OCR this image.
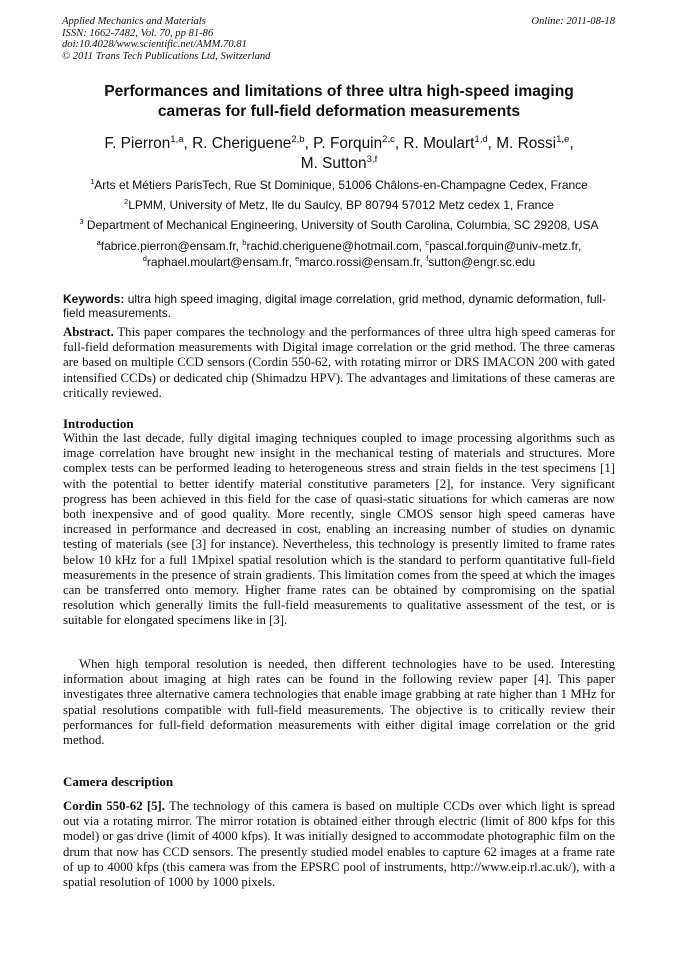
Applied Mechanics and Materials
ISSN: 1662-7482, Vol. 70, pp 81-86
doi:10.4028/www.scientific.net/AMM.70.81
© 2011 Trans Tech Publications Ltd, Switzerland
Online: 2011-08-18
Performances and limitations of three ultra high-speed imaging
cameras for full-field deformation measurements
F. Pierron$^{1,a}$, R. Cheriguene$^{2,b}$, P. Forquin$^{2,c}$, R. Moulart$^{1,d}$, M. Rossi$^{1,e}$,
M. Sutton$^{3,f}$
$^1$Arts et Métiers ParisTech, Rue St Dominique, 51006 Châlons-en-Champagne Cedex, France
$^2$LPMM, University of Metz, Ile du Saulcy, BP 80794 57012 Metz cedex 1, France
$^3$ Department of Mechanical Engineering, University of South Carolina, Columbia, SC 29208, USA
$^a$fabrice.pierron@ensam.fr, $^b$rachid.cheriguene@hotmail.com, $^c$pascal.forquin@univ-metz.fr,
$^d$raphael.moulart@ensam.fr, $^e$marco.rossi@ensam.fr, $^f$sutton@engr.sc.edu
Keywords: ultra high speed imaging, digital image correlation, grid method, dynamic deformation, full-field measurements.
Abstract. This paper compares the technology and the performances of three ultra high speed cameras for full-field deformation measurements with Digital image correlation or the grid method. The three cameras are based on multiple CCD sensors (Cordin 550-62, with rotating mirror or DRS IMACON 200 with gated intensified CCDs) or dedicated chip (Shimadzu HPV). The advantages and limitations of these cameras are critically reviewed.
Introduction
Within the last decade, fully digital imaging techniques coupled to image processing algorithms such as image correlation have brought new insight in the mechanical testing of materials and structures. More complex tests can be performed leading to heterogeneous stress and strain fields in the test specimens [1] with the potential to better identify material constitutive parameters [2], for instance. Very significant progress has been achieved in this field for the case of quasi-static situations for which cameras are now both inexpensive and of good quality. More recently, single CMOS sensor high speed cameras have increased in performance and decreased in cost, enabling an increasing number of studies on dynamic testing of materials (see [3] for instance). Nevertheless, this technology is presently limited to frame rates below 10 kHz for a full 1Mpixel spatial resolution which is the standard to perform quantitative full-field measurements in the presence of strain gradients. This limitation comes from the speed at which the images can be transferred onto memory. Higher frame rates can be obtained by compromising on the spatial resolution which generally limits the full-field measurements to qualitative assessment of the test, or is suitable for elongated specimens like in [3].
When high temporal resolution is needed, then different technologies have to be used. Interesting information about imaging at high rates can be found in the following review paper [4]. This paper investigates three alternative camera technologies that enable image grabbing at rate higher than 1 MHz for spatial resolutions compatible with full-field measurements. The objective is to critically review their performances for full-field deformation measurements with either digital image correlation or the grid method.
Camera description
Cordin 550-62 [5]. The technology of this camera is based on multiple CCDs over which light is spread out via a rotating mirror. The mirror rotation is obtained either through electric (limit of 800 kfps for this model) or gas drive (limit of 4000 kfps). It was initially designed to accommodate photographic film on the drum that now has CCD sensors. The presently studied model enables to capture 62 images at a frame rate of up to 4000 kfps (this camera was from the EPSRC pool of instruments, http://www.eip.rl.ac.uk/), with a spatial resolution of 1000 by 1000 pixels.
